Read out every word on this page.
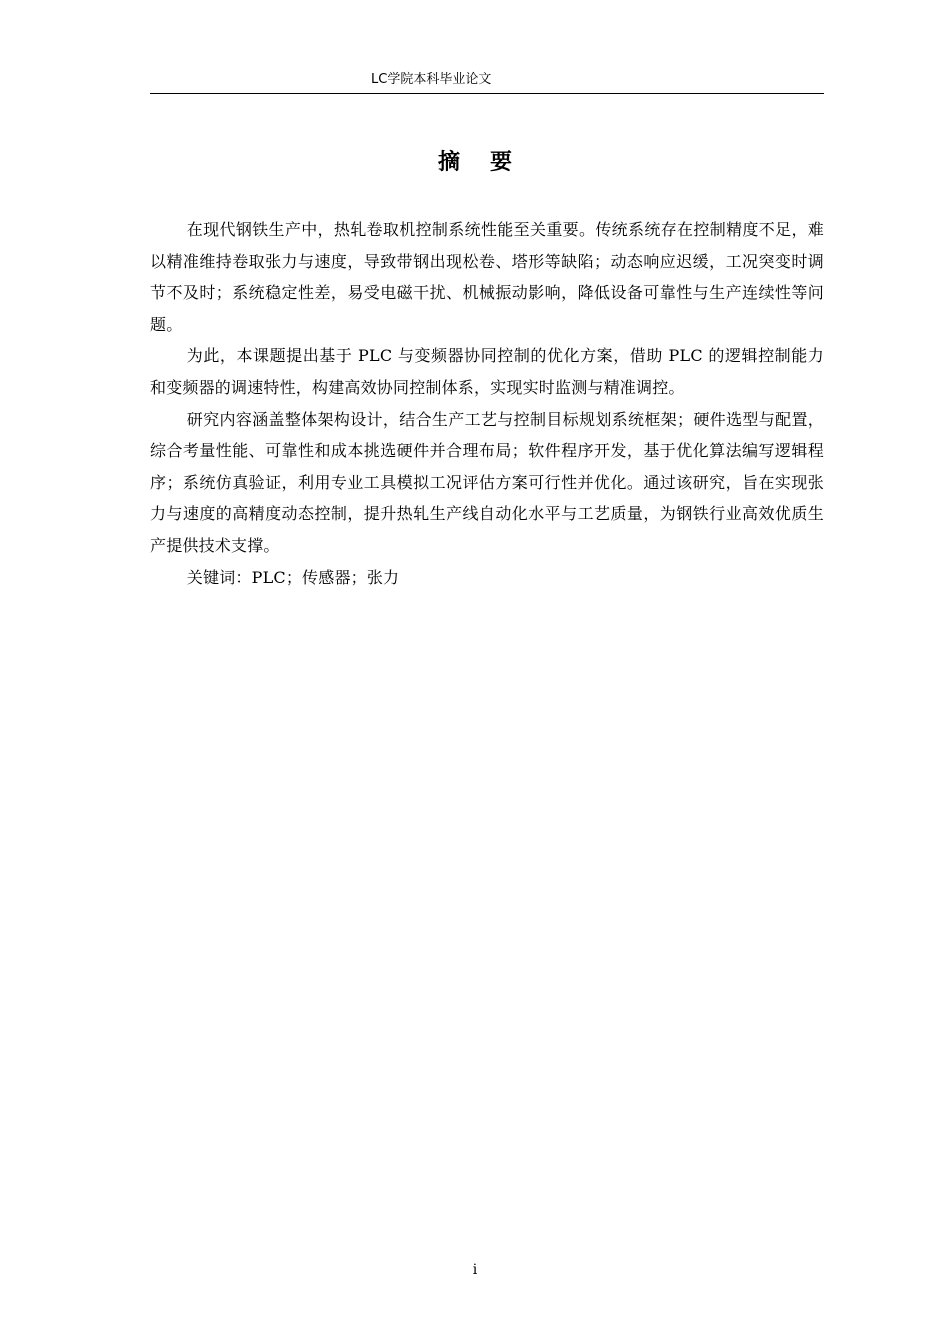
LC学院本科毕业论文
摘要

在现代钢铁生产中，热轧卷取机控制系统性能至关重要。传统系统存在控制精度不足，难以精准维持卷取张力与速度，导致带钢出现松卷、塔形等缺陷；动态响应迟缓，工况突变时调节不及时；系统稳定性差，易受电磁干扰、机械振动影响，降低设备可靠性与生产连续性等问题。

为此，本课题提出基于 PLC 与变频器协同控制的优化方案，借助 PLC 的逻辑控制能力和变频器的调速特性，构建高效协同控制体系，实现实时监测与精准调控。

研究内容涵盖整体架构设计，结合生产工艺与控制目标规划系统框架；硬件选型与配置，综合考量性能、可靠性和成本挑选硬件并合理布局；软件程序开发，基于优化算法编写逻辑程序；系统仿真验证，利用专业工具模拟工况评估方案可行性并优化。通过该研究，旨在实现张力与速度的高精度动态控制，提升热轧生产线自动化水平与工艺质量，为钢铁行业高效优质生产提供技术支撑。

关键词：PLC；传感器；张力

i
